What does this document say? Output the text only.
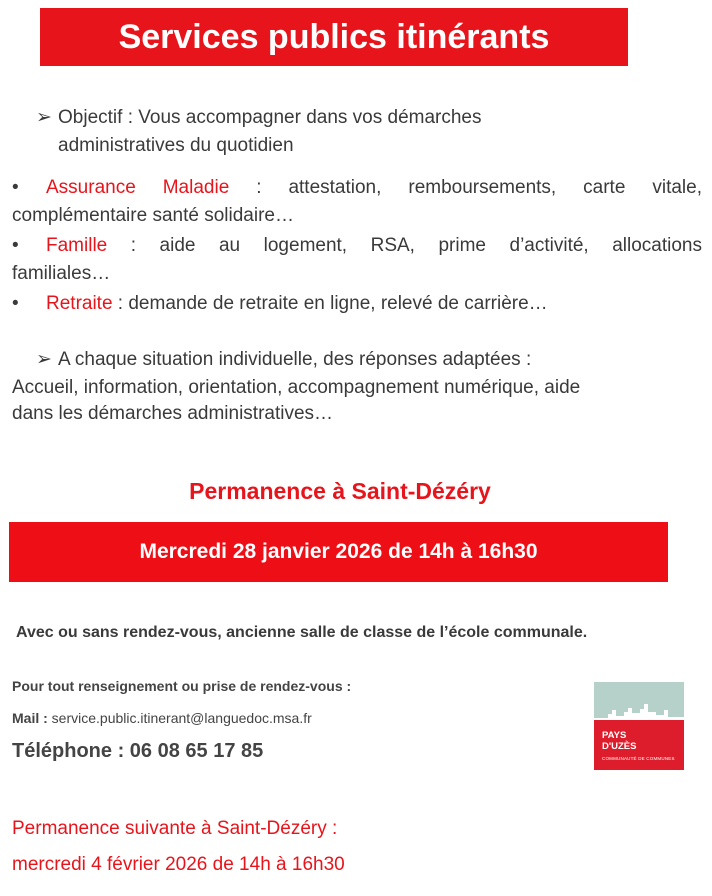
Services publics itinérants
➢ Objectif : Vous accompagner dans vos démarches
administratives du quotidien
• Assurance Maladie : attestation, remboursements, carte vitale,
complémentaire santé solidaire…
• Famille : aide au logement, RSA, prime d’activité, allocations
familiales…
• Retraite : demande de retraite en ligne, relevé de carrière…
➢ A chaque situation individuelle, des réponses adaptées :
Accueil, information, orientation, accompagnement numérique, aide
dans les démarches administratives…
Permanence à Saint-Dézéry
Mercredi 28 janvier 2026 de 14h à 16h30
Avec ou sans rendez-vous, ancienne salle de classe de l’école communale.
Pour tout renseignement ou prise de rendez-vous :
Mail : service.public.itinerant@languedoc.msa.fr
Téléphone : 06 08 65 17 85
PAYS
D'UZÈS
COMMUNAUTÉ DE COMMUNES
Permanence suivante à Saint-Dézéry :
mercredi 4 février 2026 de 14h à 16h30
